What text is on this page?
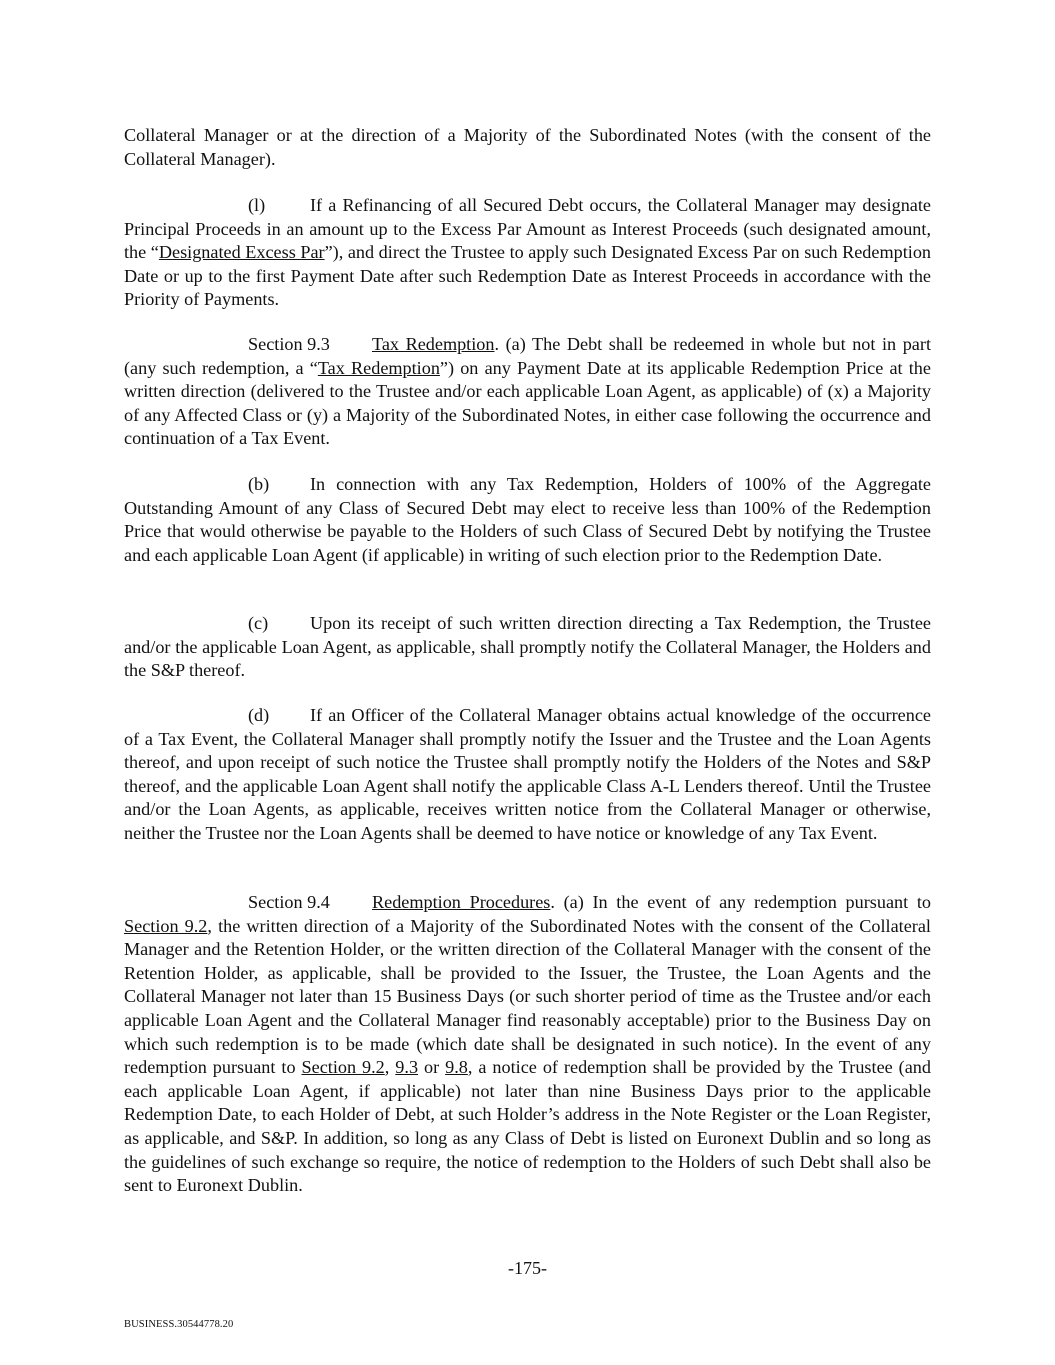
Collateral Manager or at the direction of a Majority of the Subordinated Notes (with the consent of the Collateral Manager).

(l) If a Refinancing of all Secured Debt occurs, the Collateral Manager may designate Principal Proceeds in an amount up to the Excess Par Amount as Interest Proceeds (such designated amount, the “Designated Excess Par”), and direct the Trustee to apply such Designated Excess Par on such Redemption Date or up to the first Payment Date after such Redemption Date as Interest Proceeds in accordance with the Priority of Payments.

Section 9.3 Tax Redemption. (a) The Debt shall be redeemed in whole but not in part (any such redemption, a “Tax Redemption”) on any Payment Date at its applicable Redemption Price at the written direction (delivered to the Trustee and/or each applicable Loan Agent, as applicable) of (x) a Majority of any Affected Class or (y) a Majority of the Subordinated Notes, in either case following the occurrence and continuation of a Tax Event.

(b) In connection with any Tax Redemption, Holders of 100% of the Aggregate Outstanding Amount of any Class of Secured Debt may elect to receive less than 100% of the Redemption Price that would otherwise be payable to the Holders of such Class of Secured Debt by notifying the Trustee and each applicable Loan Agent (if applicable) in writing of such election prior to the Redemption Date.

(c) Upon its receipt of such written direction directing a Tax Redemption, the Trustee and/or the applicable Loan Agent, as applicable, shall promptly notify the Collateral Manager, the Holders and the S&P thereof.

(d) If an Officer of the Collateral Manager obtains actual knowledge of the occurrence of a Tax Event, the Collateral Manager shall promptly notify the Issuer and the Trustee and the Loan Agents thereof, and upon receipt of such notice the Trustee shall promptly notify the Holders of the Notes and S&P thereof, and the applicable Loan Agent shall notify the applicable Class A-L Lenders thereof. Until the Trustee and/or the Loan Agents, as applicable, receives written notice from the Collateral Manager or otherwise, neither the Trustee nor the Loan Agents shall be deemed to have notice or knowledge of any Tax Event.

Section 9.4 Redemption Procedures. (a) In the event of any redemption pursuant to Section 9.2, the written direction of a Majority of the Subordinated Notes with the consent of the Collateral Manager and the Retention Holder, or the written direction of the Collateral Manager with the consent of the Retention Holder, as applicable, shall be provided to the Issuer, the Trustee, the Loan Agents and the Collateral Manager not later than 15 Business Days (or such shorter period of time as the Trustee and/or each applicable Loan Agent and the Collateral Manager find reasonably acceptable) prior to the Business Day on which such redemption is to be made (which date shall be designated in such notice). In the event of any redemption pursuant to Section 9.2, 9.3 or 9.8, a notice of redemption shall be provided by the Trustee (and each applicable Loan Agent, if applicable) not later than nine Business Days prior to the applicable Redemption Date, to each Holder of Debt, at such Holder’s address in the Note Register or the Loan Register, as applicable, and S&P. In addition, so long as any Class of Debt is listed on Euronext Dublin and so long as the guidelines of such exchange so require, the notice of redemption to the Holders of such Debt shall also be sent to Euronext Dublin.

-175-
BUSINESS.30544778.20
